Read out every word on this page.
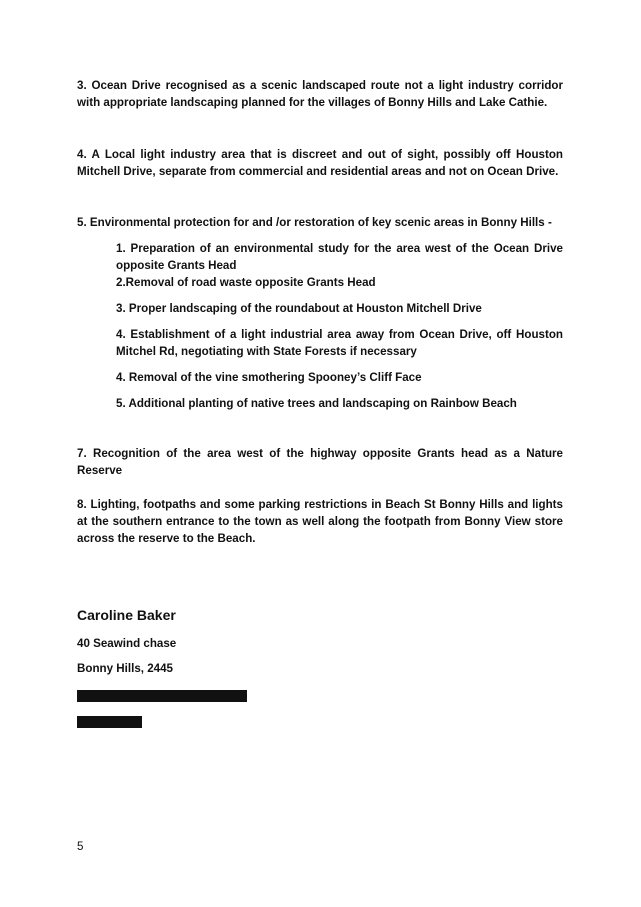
3. Ocean Drive recognised as a scenic landscaped route not a light industry corridor with appropriate landscaping planned for the villages of Bonny Hills and Lake Cathie.

4. A Local light industry area that is discreet and out of sight, possibly off Houston Mitchell Drive, separate from commercial and residential areas and not on Ocean Drive.

5. Environmental protection for and /or restoration of key scenic areas in Bonny Hills -

1. Preparation of an environmental study for the area west of the Ocean Drive opposite Grants Head

2.Removal of road waste opposite Grants Head

3. Proper landscaping of the roundabout at Houston Mitchell Drive

4. Establishment of a light industrial area away from Ocean Drive, off Houston Mitchel Rd, negotiating with State Forests if necessary

4. Removal of the vine smothering Spooney’s Cliff Face

5. Additional planting of native trees and landscaping on Rainbow Beach

7. Recognition of the area west of the highway opposite Grants head as a Nature Reserve

8. Lighting, footpaths and some parking restrictions in Beach St Bonny Hills and lights at the southern entrance to the town as well along the footpath from Bonny View store across the reserve to the Beach.

Caroline Baker

40 Seawind chase

Bonny Hills, 2445

5
